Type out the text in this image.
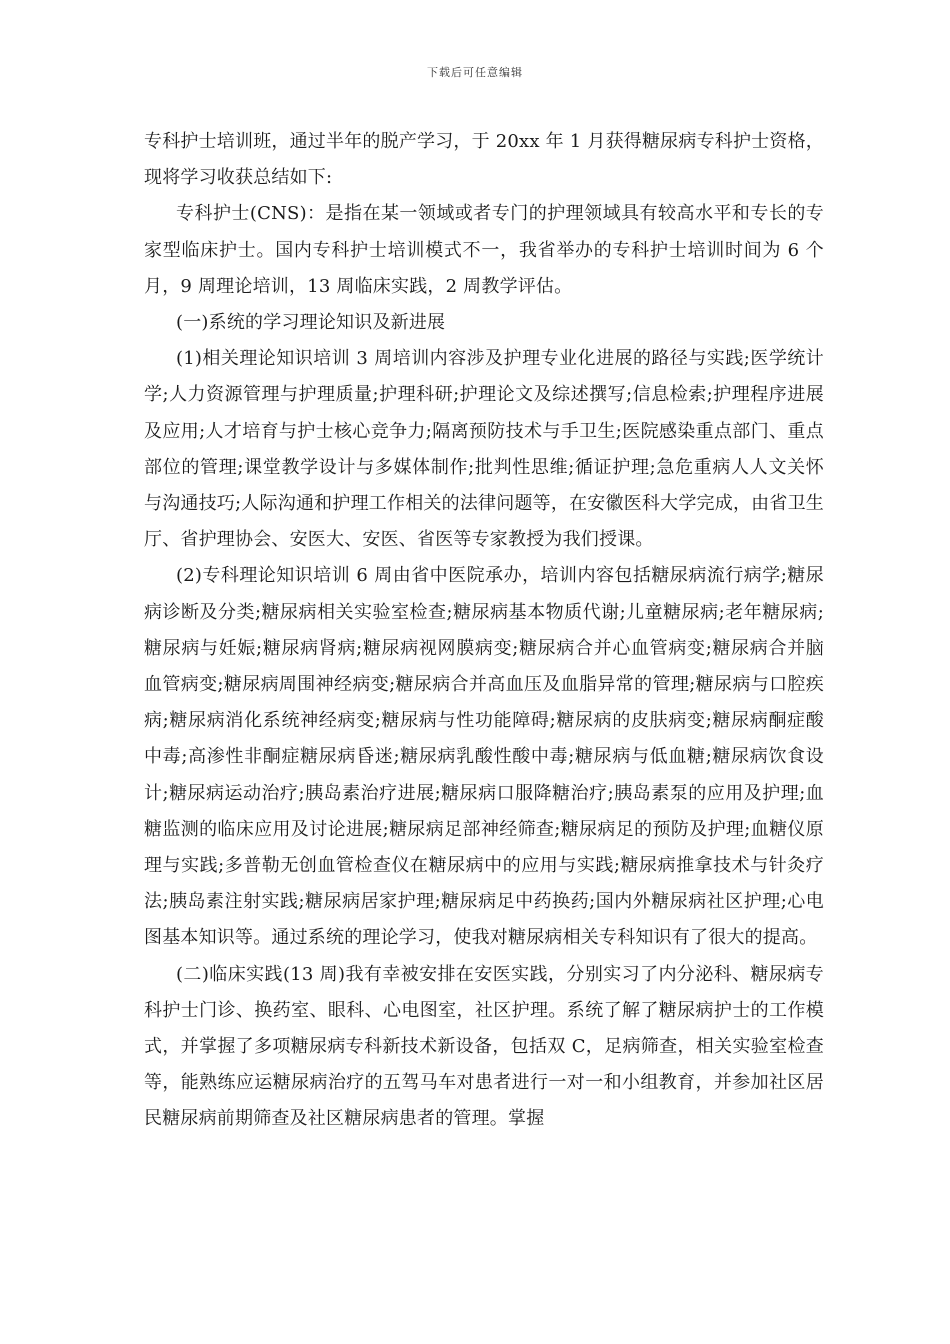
下载后可任意编辑

专科护士培训班，通过半年的脱产学习，于 20xx 年 1 月获得糖尿病专科护士资格，现将学习收获总结如下:

专科护士(CNS)：是指在某一领域或者专门的护理领域具有较高水平和专长的专家型临床护士。国内专科护士培训模式不一，我省举办的专科护士培训时间为 6 个月，9 周理论培训，13 周临床实践，2 周教学评估。

(一)系统的学习理论知识及新进展

(1)相关理论知识培训 3 周培训内容涉及护理专业化进展的路径与实践;医学统计学;人力资源管理与护理质量;护理科研;护理论文及综述撰写;信息检索;护理程序进展及应用;人才培育与护士核心竞争力;隔离预防技术与手卫生;医院感染重点部门、重点部位的管理;课堂教学设计与多媒体制作;批判性思维;循证护理;急危重病人人文关怀与沟通技巧;人际沟通和护理工作相关的法律问题等，在安徽医科大学完成，由省卫生厅、省护理协会、安医大、安医、省医等专家教授为我们授课。

(2)专科理论知识培训 6 周由省中医院承办，培训内容包括糖尿病流行病学;糖尿病诊断及分类;糖尿病相关实验室检查;糖尿病基本物质代谢;儿童糖尿病;老年糖尿病;糖尿病与妊娠;糖尿病肾病;糖尿病视网膜病变;糖尿病合并心血管病变;糖尿病合并脑血管病变;糖尿病周围神经病变;糖尿病合并高血压及血脂异常的管理;糖尿病与口腔疾病;糖尿病消化系统神经病变;糖尿病与性功能障碍;糖尿病的皮肤病变;糖尿病酮症酸中毒;高渗性非酮症糖尿病昏迷;糖尿病乳酸性酸中毒;糖尿病与低血糖;糖尿病饮食设计;糖尿病运动治疗;胰岛素治疗进展;糖尿病口服降糖治疗;胰岛素泵的应用及护理;血糖监测的临床应用及讨论进展;糖尿病足部神经筛查;糖尿病足的预防及护理;血糖仪原理与实践;多普勒无创血管检查仪在糖尿病中的应用与实践;糖尿病推拿技术与针灸疗法;胰岛素注射实践;糖尿病居家护理;糖尿病足中药换药;国内外糖尿病社区护理;心电图基本知识等。通过系统的理论学习，使我对糖尿病相关专科知识有了很大的提高。

(二)临床实践(13 周)我有幸被安排在安医实践，分别实习了内分泌科、糖尿病专科护士门诊、换药室、眼科、心电图室，社区护理。系统了解了糖尿病护士的工作模式，并掌握了多项糖尿病专科新技术新设备，包括双 C，足病筛查，相关实验室检查等，能熟练应运糖尿病治疗的五驾马车对患者进行一对一和小组教育，并参加社区居民糖尿病前期筛查及社区糖尿病患者的管理。掌握
